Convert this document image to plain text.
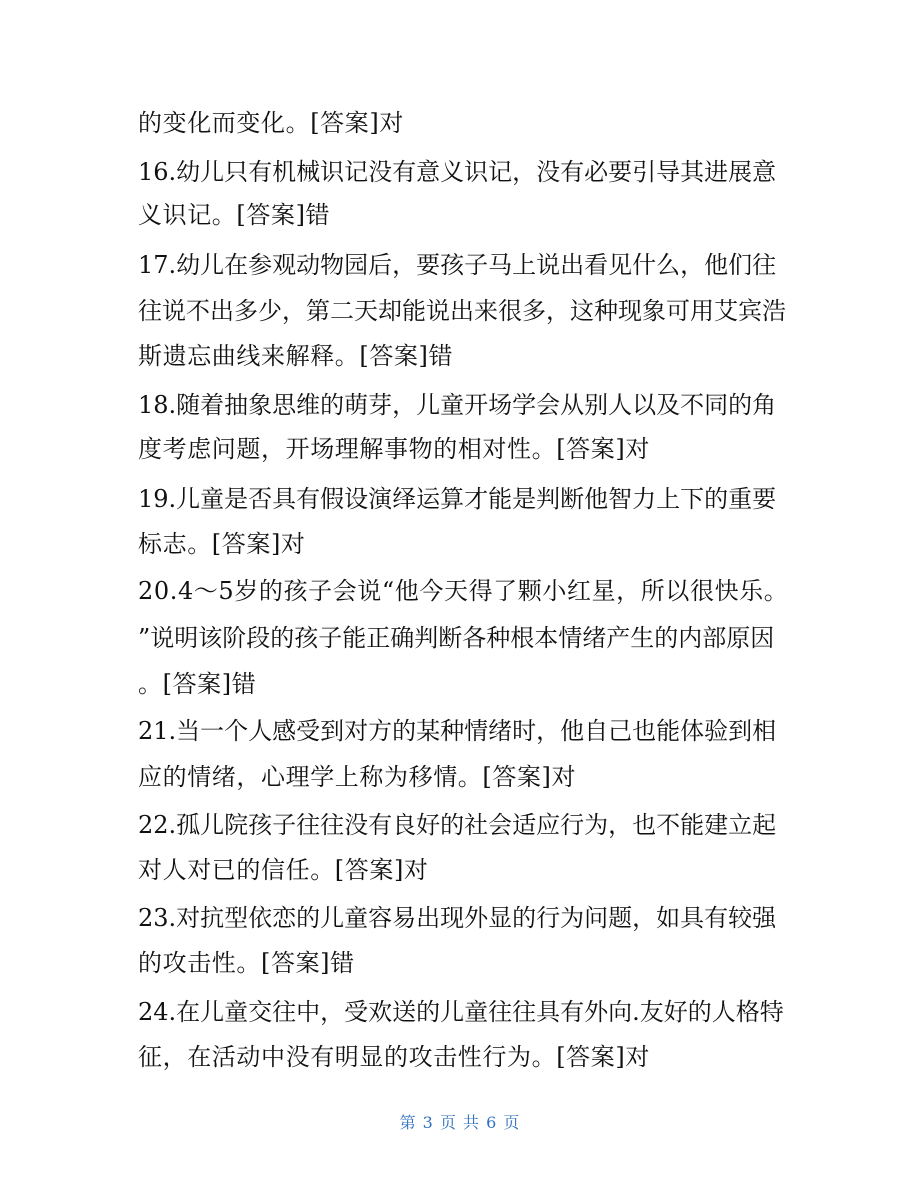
的变化而变化。[答案]对
16.幼儿只有机械识记没有意义识记，没有必要引导其进展意
义识记。[答案]错
17.幼儿在参观动物园后，要孩子马上说出看见什么，他们往
往说不出多少，第二天却能说出来很多，这种现象可用艾宾浩
斯遗忘曲线来解释。[答案]错
18.随着抽象思维的萌芽，儿童开场学会从别人以及不同的角
度考虑问题，开场理解事物的相对性。[答案]对
19.儿童是否具有假设演绎运算才能是判断他智力上下的重要
标志。[答案]对
20.4～5岁的孩子会说“他今天得了颗小红星，所以很快乐。
”说明该阶段的孩子能正确判断各种根本情绪产生的内部原因
。[答案]错
21.当一个人感受到对方的某种情绪时，他自己也能体验到相
应的情绪，心理学上称为移情。[答案]对
22.孤儿院孩子往往没有良好的社会适应行为，也不能建立起
对人对已的信任。[答案]对
23.对抗型依恋的儿童容易出现外显的行为问题，如具有较强
的攻击性。[答案]错
24.在儿童交往中，受欢送的儿童往往具有外向.友好的人格特
征，在活动中没有明显的攻击性行为。[答案]对
第 3 页 共 6 页
